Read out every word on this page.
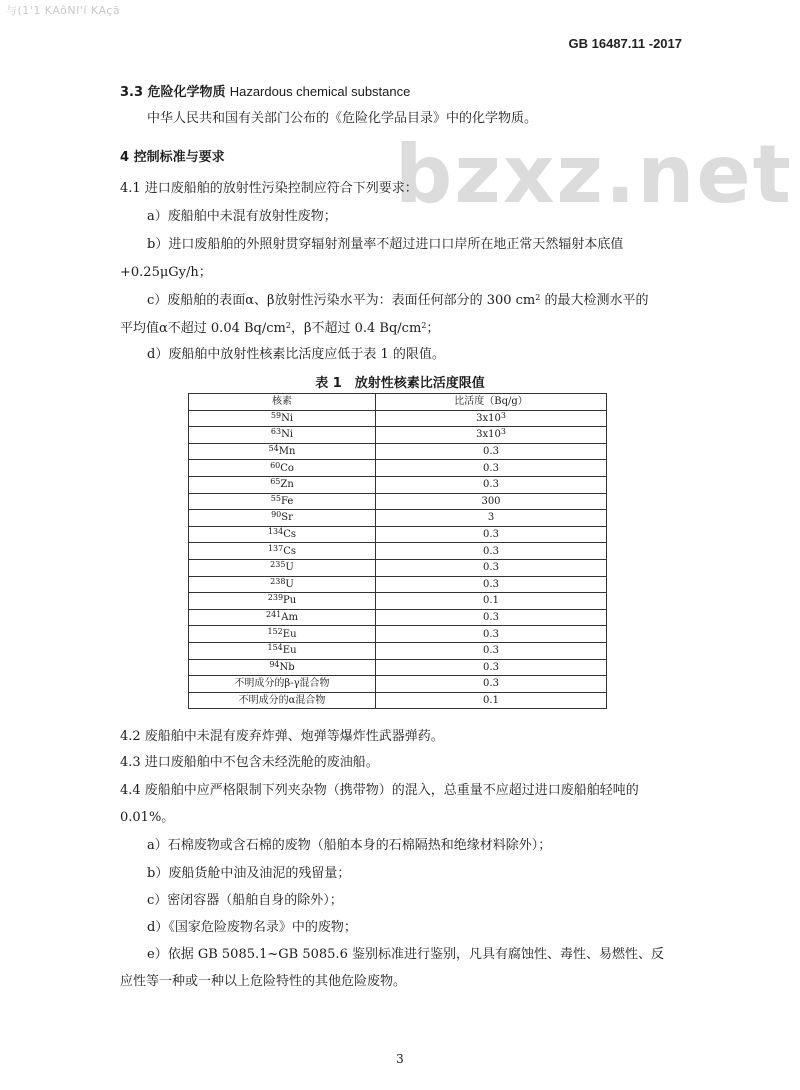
与(1'1 KAôNI'í KAçä
GB 16487.11 -2017
bzxz.net
3.3 危险化学物质 Hazardous chemical substance
中华人民共和国有关部门公布的《危险化学品目录》中的化学物质。
4 控制标准与要求
4.1 进口废船舶的放射性污染控制应符合下列要求：
a）废船舶中未混有放射性废物；
b）进口废船舶的外照射贯穿辐射剂量率不超过进口口岸所在地正常天然辐射本底值
+0.25μGy/h；
c）废船舶的表面α、β放射性污染水平为：表面任何部分的 300 $cm^2$ 的最大检测水平的
平均值α不超过 0.04 $Bq/cm^2$，β不超过 0.4 $Bq/cm^2$；
d）废船舶中放射性核素比活度应低于表 1 的限值。
表 1　放射性核素比活度限值
核素	比活度（Bq/g）
$^{59}$Ni	$3x10^3$
$^{63}$Ni	$3x10^3$
$^{54}$Mn	0.3
$^{60}$Co	0.3
$^{65}$Zn	0.3
$^{55}$Fe	300
$^{90}$Sr	3
$^{134}$Cs	0.3
$^{137}$Cs	0.3
$^{235}$U	0.3
$^{238}$U	0.3
$^{239}$Pu	0.1
$^{241}$Am	0.3
$^{152}$Eu	0.3
$^{154}$Eu	0.3
$^{94}$Nb	0.3
不明成分的β-γ混合物	0.3
不明成分的α混合物	0.1
4.2 废船舶中未混有废弃炸弹、炮弹等爆炸性武器弹药。
4.3 进口废船舶中不包含未经洗舱的废油船。
4.4 废船舶中应严格限制下列夹杂物（携带物）的混入，总重量不应超过进口废船舶轻吨的
0.01%。
a）石棉废物或含石棉的废物（船舶本身的石棉隔热和绝缘材料除外）；
b）废船货舱中油及油泥的残留量；
c）密闭容器（船舶自身的除外）；
d）《国家危险废物名录》中的废物；
e）依据 GB 5085.1~GB 5085.6 鉴别标准进行鉴别，凡具有腐蚀性、毒性、易燃性、反
应性等一种或一种以上危险特性的其他危险废物。
3
